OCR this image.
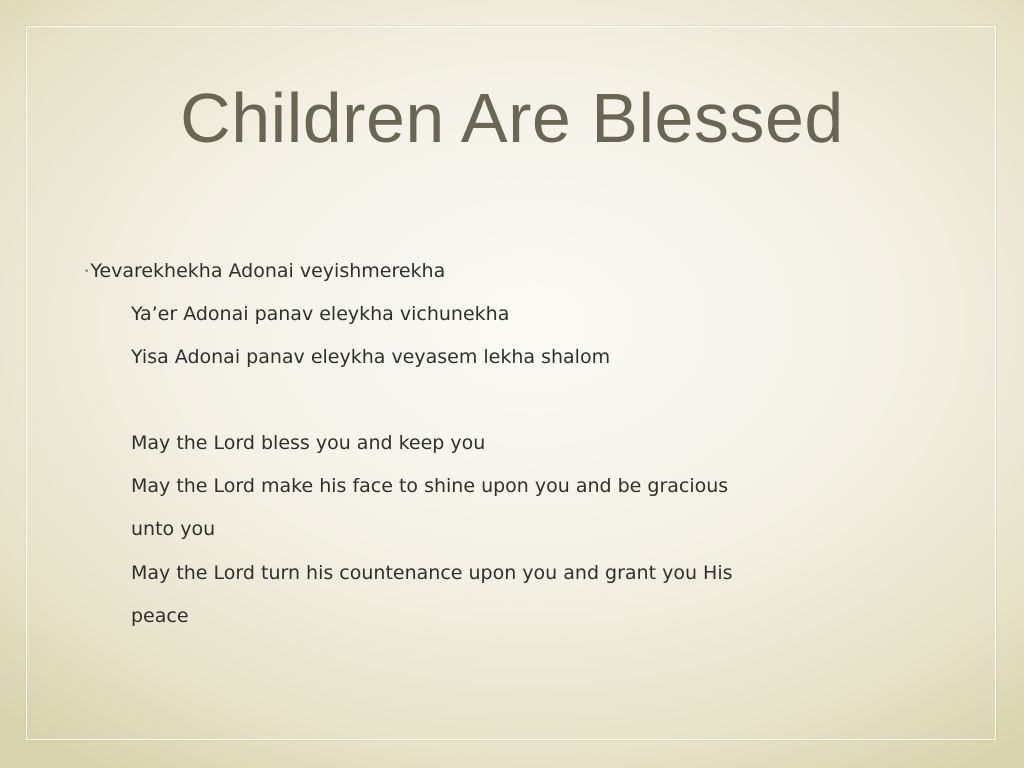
Children Are Blessed
•Yevarekhekha Adonai veyishmerekha
Ya’er Adonai panav eleykha vichunekha
Yisa Adonai panav eleykha veyasem lekha shalom
May the Lord bless you and keep you
May the Lord make his face to shine upon you and be gracious
unto you
May the Lord turn his countenance upon you and grant you His
peace
